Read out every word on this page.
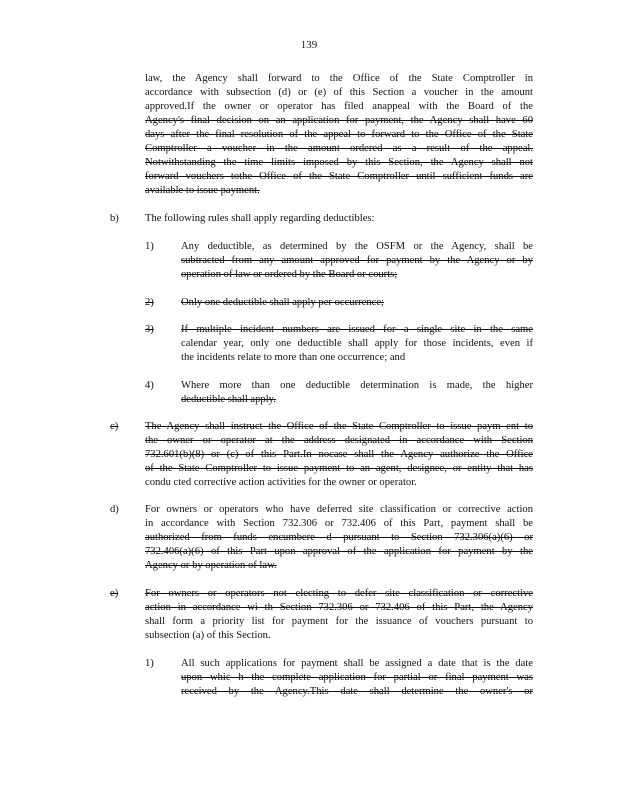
139
law, the Agency shall forward to the Office of the State Comptroller in
accordance with subsection (d) or (e) of this Section a voucher in the amount
approved.If the owner or operator has filed anappeal with the Board of the
Agency's final decision on an application for payment, the Agency shall have 60
days after the final resolution of the appeal to forward to the Office of the State
Comptroller a voucher in the amount ordered as a result of the appeal.
Notwithstanding the time limits imposed by this Section, the Agency shall not
forward vouchers tothe Office of the State Comptroller until sufficient funds are
available to issue payment.
b) The following rules shall apply regarding deductibles:
1)	Any deductible, as determined by the OSFM or the Agency, shall be
subtracted from any amount approved for payment by the Agency or by
operation of law or ordered by the Board or courts;
2)	Only one deductible shall apply per occurrence;
3)	If multiple incident numbers are issued for a single site in the same
calendar year, only one deductible shall apply for those incidents, even if
the incidents relate to more than one occurrence; and
4)	Where more than one deductible determination is made, the higher
deductible shall apply.
c)	The Agency shall instruct the Office of the State Comptroller to issue paym ent to
the owner or operator at the address designated in accordance with Section
732.601(b)(8) or (c) of this Part.In nocase shall the Agency authorize the Office
of the State Comptroller to issue payment to an agent, designee, or entity that has
condu cted corrective action activities for the owner or operator.
d) For owners or operators who have deferred site classification or corrective action
in accordance with Section 732.306 or 732.406 of this Part, payment shall be
authorized from funds encumbere d pursuant to Section 732.306(a)(6) or
732.406(a)(6) of this Part upon approval of the application for payment by the
Agency or by operation of law.
e)	For owners or operators not electing to defer site classification or corrective
action in accordance wi th Section 732.306 or 732.406 of this Part, the Agency
shall form a priority list for payment for the issuance of vouchers pursuant to
subsection (a) of this Section.
1)	All such applications for payment shall be assigned a date that is the date
upon whic h the complete application for partial or final payment was
received by the Agency.This date shall determine the owner's or
